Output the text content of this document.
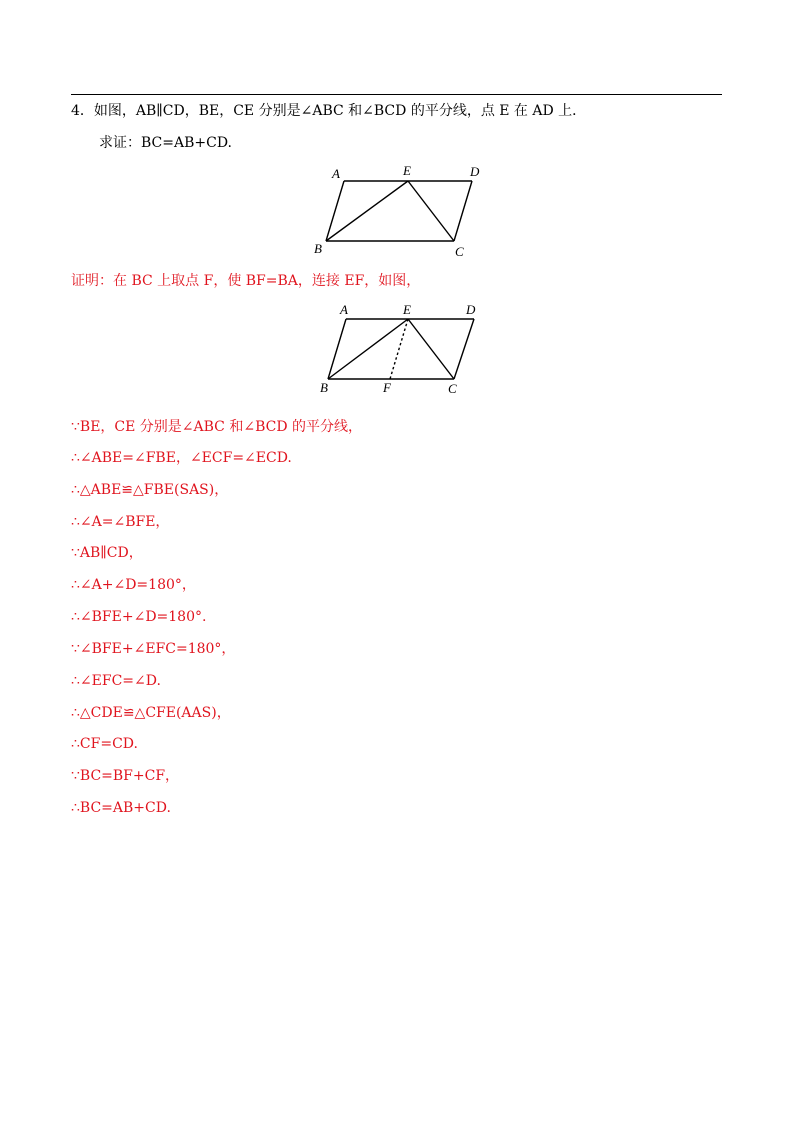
4．如图，AB∥CD，BE，CE 分别是∠ABC 和∠BCD 的平分线，点 E 在 AD 上．
求证：BC=AB+CD.
A	E	D
B	C
证明：在 BC 上取点 F，使 BF=BA，连接 EF，如图，
A	E	D
B	F	C
∵BE，CE 分别是∠ABC 和∠BCD 的平分线，
∴∠ABE=∠FBE，∠ECF=∠ECD.
∴△ABE≌△FBE(SAS)，
∴∠A=∠BFE，
∵AB∥CD，
∴∠A+∠D=180°，
∴∠BFE+∠D=180°.
∵∠BFE+∠EFC=180°，
∴∠EFC=∠D.
∴△CDE≌△CFE(AAS)，
∴CF=CD.
∵BC=BF+CF，
∴BC=AB+CD.
